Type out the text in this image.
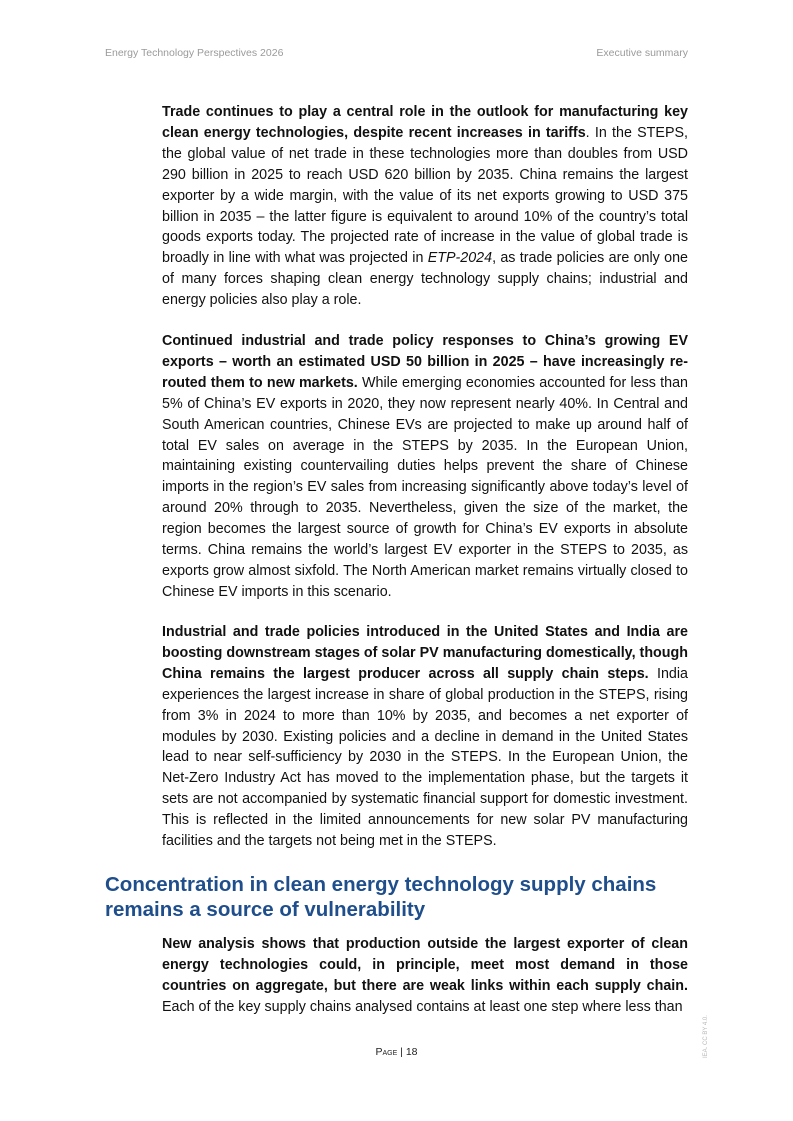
Energy Technology Perspectives 2026	Executive summary

Trade continues to play a central role in the outlook for manufacturing key clean energy technologies, despite recent increases in tariffs. In the STEPS, the global value of net trade in these technologies more than doubles from USD 290 billion in 2025 to reach USD 620 billion by 2035. China remains the largest exporter by a wide margin, with the value of its net exports growing to USD 375 billion in 2035 – the latter figure is equivalent to around 10% of the country’s total goods exports today. The projected rate of increase in the value of global trade is broadly in line with what was projected in ETP-2024, as trade policies are only one of many forces shaping clean energy technology supply chains; industrial and energy policies also play a role.

Continued industrial and trade policy responses to China’s growing EV exports – worth an estimated USD 50 billion in 2025 – have increasingly re-routed them to new markets. While emerging economies accounted for less than 5% of China’s EV exports in 2020, they now represent nearly 40%. In Central and South American countries, Chinese EVs are projected to make up around half of total EV sales on average in the STEPS by 2035. In the European Union, maintaining existing countervailing duties helps prevent the share of Chinese imports in the region’s EV sales from increasing significantly above today’s level of around 20% through to 2035. Nevertheless, given the size of the market, the region becomes the largest source of growth for China’s EV exports in absolute terms. China remains the world’s largest EV exporter in the STEPS to 2035, as exports grow almost sixfold. The North American market remains virtually closed to Chinese EV imports in this scenario.

Industrial and trade policies introduced in the United States and India are boosting downstream stages of solar PV manufacturing domestically, though China remains the largest producer across all supply chain steps. India experiences the largest increase in share of global production in the STEPS, rising from 3% in 2024 to more than 10% by 2035, and becomes a net exporter of modules by 2030. Existing policies and a decline in demand in the United States lead to near self-sufficiency by 2030 in the STEPS. In the European Union, the Net-Zero Industry Act has moved to the implementation phase, but the targets it sets are not accompanied by systematic financial support for domestic investment. This is reflected in the limited announcements for new solar PV manufacturing facilities and the targets not being met in the STEPS.

Concentration in clean energy technology supply chains remains a source of vulnerability

New analysis shows that production outside the largest exporter of clean energy technologies could, in principle, meet most demand in those countries on aggregate, but there are weak links within each supply chain. Each of the key supply chains analysed contains at least one step where less than

Page | 18	IEA. CC BY 4.0.
